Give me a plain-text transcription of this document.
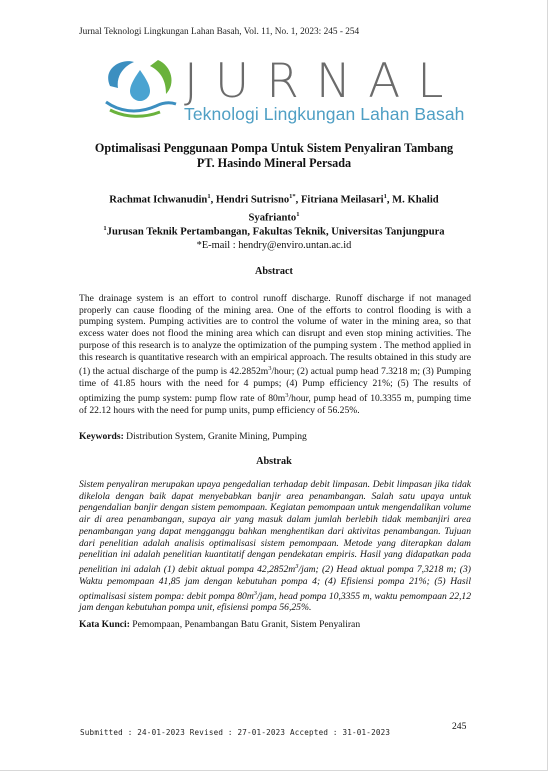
Jurnal Teknologi Lingkungan Lahan Basah, Vol. 11, No. 1, 2023: 245 - 254
JURNAL
Teknologi Lingkungan Lahan Basah
Optimalisasi Penggunaan Pompa Untuk Sistem Penyaliran Tambang
PT. Hasindo Mineral Persada
Rachmat Ichwanudin$^1$, Hendri Sutrisno$^{1*}$, Fitriana Meilasari$^1$, M. Khalid Syafrianto$^1$
$^1$Jurusan Teknik Pertambangan, Fakultas Teknik, Universitas Tanjungpura
*E-mail : hendry@enviro.untan.ac.id
Abstract
The drainage system is an effort to control runoff discharge. Runoff discharge if not managed properly can cause flooding of the mining area. One of the efforts to control flooding is with a pumping system. Pumping activities are to control the volume of water in the mining area, so that excess water does not flood the mining area which can disrupt and even stop mining activities. The purpose of this research is to analyze the optimization of the pumping system . The method applied in this research is quantitative research with an empirical approach. The results obtained in this study are (1) the actual discharge of the pump is $42.2852m^3$/hour; (2) actual pump head 7.3218 m; (3) Pumping time of 41.85 hours with the need for 4 pumps; (4) Pump efficiency 21%; (5) The results of optimizing the pump system: pump flow rate of $80m^3$/hour, pump head of 10.3355 m, pumping time of 22.12 hours with the need for pump units, pump efficiency of 56.25%.
Keywords: Distribution System, Granite Mining, Pumping
Abstrak
Sistem penyaliran merupakan upaya pengedalian terhadap debit limpasan. Debit limpasan jika tidak dikelola dengan baik dapat menyebabkan banjir area penambangan. Salah satu upaya untuk pengendalian banjir dengan sistem pemompaan. Kegiatan pemompaan untuk mengendalikan volume air di area penambangan, supaya air yang masuk dalam jumlah berlebih tidak membanjiri area penambangan yang dapat mengganggu bahkan menghentikan dari aktivitas penambangan. Tujuan dari penelitian adalah analisis optimalisasi sistem pemompaan. Metode yang diterapkan dalam penelitian ini adalah penelitian kuantitatif dengan pendekatan empiris. Hasil yang didapatkan pada penelitian ini adalah (1) debit aktual pompa $42,2852m^3$/jam; (2) Head aktual pompa 7,3218 m; (3) Waktu pemompaan 41,85 jam dengan kebutuhan pompa 4; (4) Efisiensi pompa 21%; (5) Hasil optimalisasi sistem pompa: debit pompa $80m^3$/jam, head pompa 10,3355 m, waktu pemompaan 22,12 jam dengan kebutuhan pompa unit, efisiensi pompa 56,25%.
Kata Kunci: Pemompaan, Penambangan Batu Granit, Sistem Penyaliran
245
Submitted : 24-01-2023 Revised : 27-01-2023 Accepted : 31-01-2023
